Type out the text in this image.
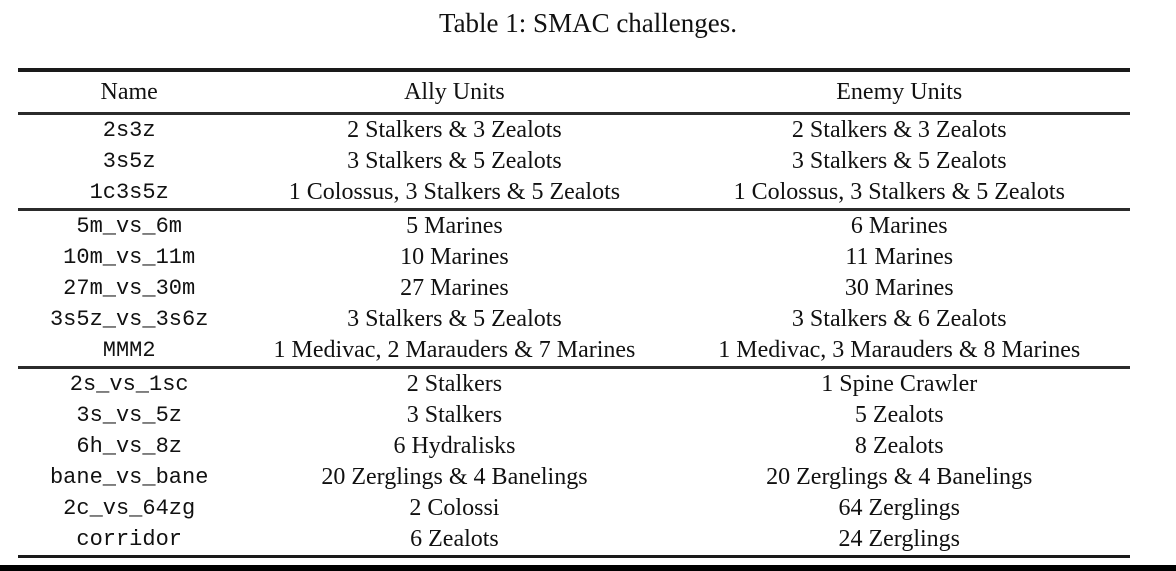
Table 1: SMAC challenges.
Name	Ally Units	Enemy Units
2s3z	2 Stalkers & 3 Zealots	2 Stalkers & 3 Zealots
3s5z	3 Stalkers & 5 Zealots	3 Stalkers & 5 Zealots
1c3s5z	1 Colossus, 3 Stalkers & 5 Zealots	1 Colossus, 3 Stalkers & 5 Zealots
5m_vs_6m	5 Marines	6 Marines
10m_vs_11m	10 Marines	11 Marines
27m_vs_30m	27 Marines	30 Marines
3s5z_vs_3s6z	3 Stalkers & 5 Zealots	3 Stalkers & 6 Zealots
MMM2	1 Medivac, 2 Marauders & 7 Marines	1 Medivac, 3 Marauders & 8 Marines
2s_vs_1sc	2 Stalkers	1 Spine Crawler
3s_vs_5z	3 Stalkers	5 Zealots
6h_vs_8z	6 Hydralisks	8 Zealots
bane_vs_bane	20 Zerglings & 4 Banelings	20 Zerglings & 4 Banelings
2c_vs_64zg	2 Colossi	64 Zerglings
corridor	6 Zealots	24 Zerglings
